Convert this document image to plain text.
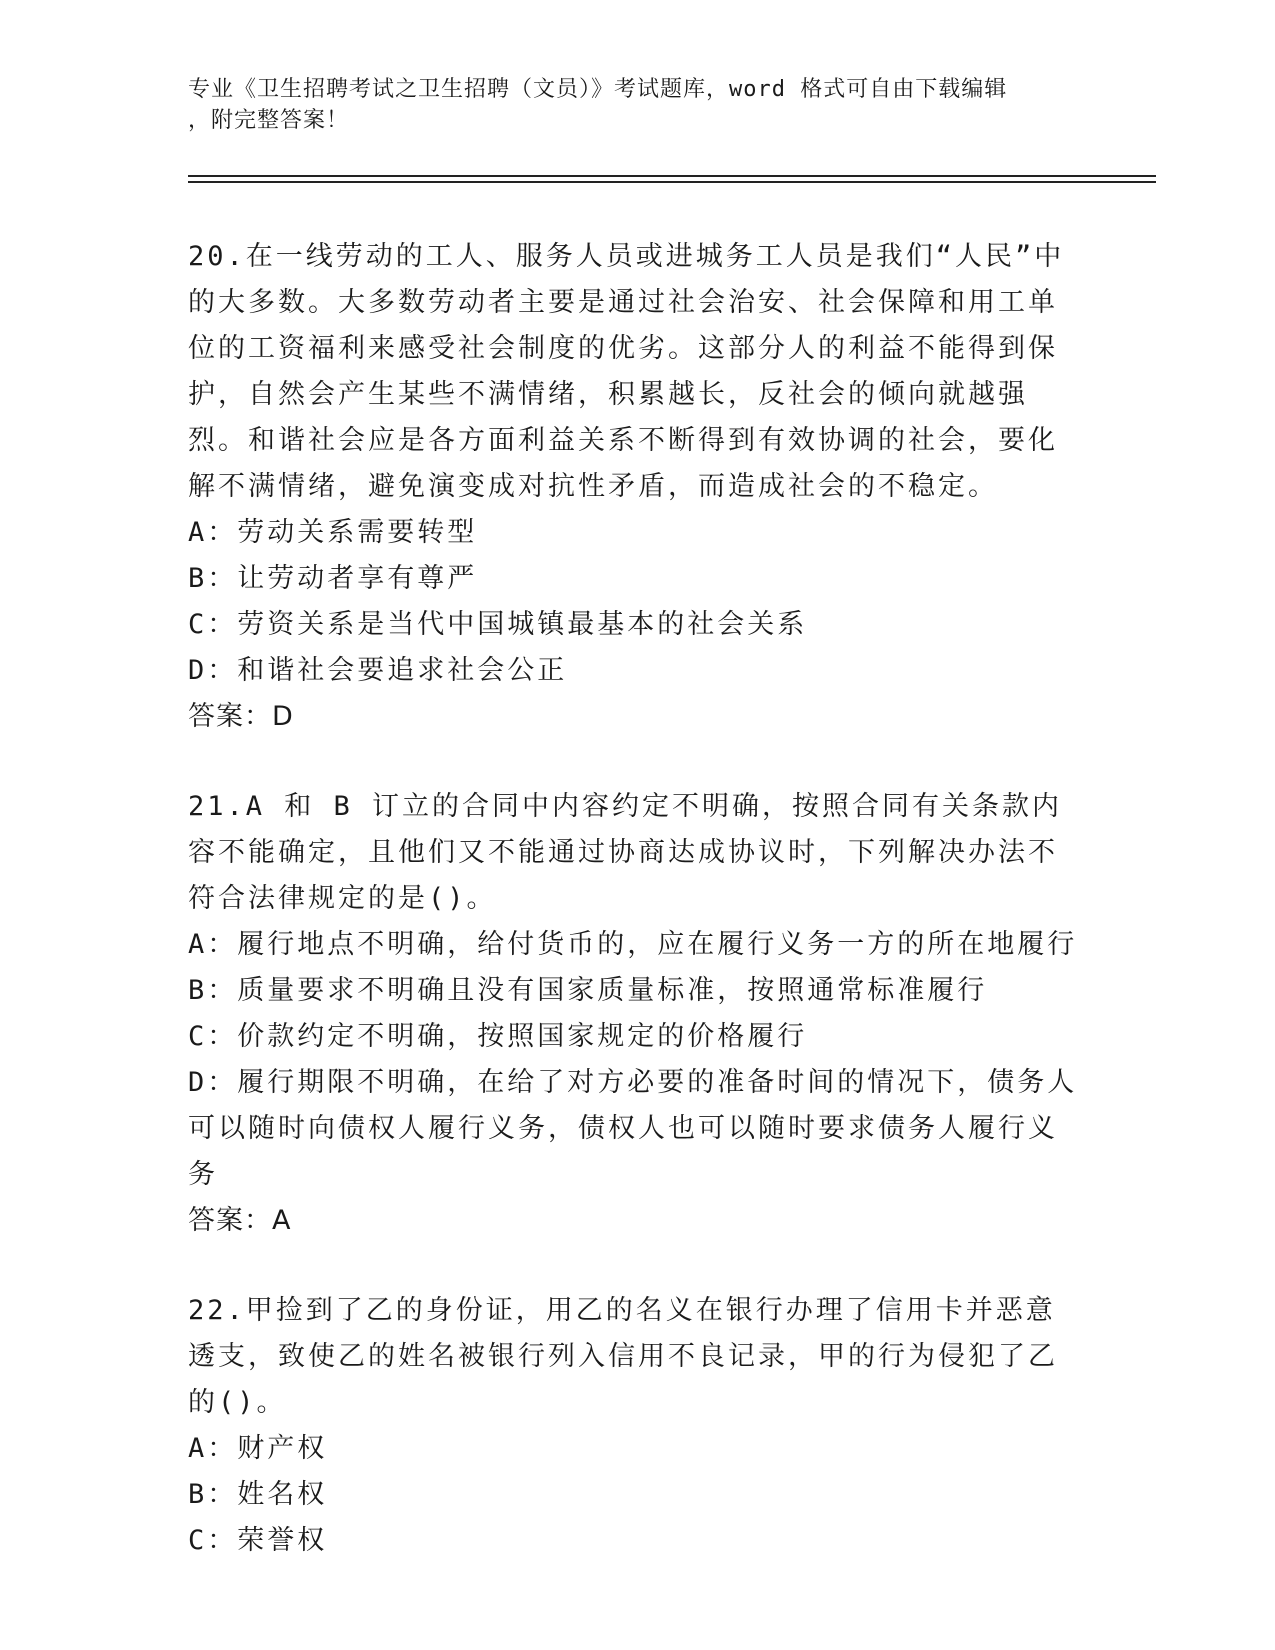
专业《卫生招聘考试之卫生招聘（文员）》考试题库，word 格式可自由下载编辑
，附完整答案！

20.在一线劳动的工人、服务人员或进城务工人员是我们“人民”中的大多数。大多数劳动者主要是通过社会治安、社会保障和用工单位的工资福利来感受社会制度的优劣。这部分人的利益不能得到保护，自然会产生某些不满情绪，积累越长，反社会的倾向就越强烈。和谐社会应是各方面利益关系不断得到有效协调的社会，要化解不满情绪，避免演变成对抗性矛盾，而造成社会的不稳定。

A：劳动关系需要转型

B：让劳动者享有尊严

C：劳资关系是当代中国城镇最基本的社会关系

D：和谐社会要追求社会公正

答案：D

21.A 和 B 订立的合同中内容约定不明确，按照合同有关条款内容不能确定，且他们又不能通过协商达成协议时，下列解决办法不符合法律规定的是()。

A：履行地点不明确，给付货币的，应在履行义务一方的所在地履行

B：质量要求不明确且没有国家质量标准，按照通常标准履行

C：价款约定不明确，按照国家规定的价格履行

D：履行期限不明确，在给了对方必要的准备时间的情况下，债务人可以随时向债权人履行义务，债权人也可以随时要求债务人履行义务

答案：A

22.甲捡到了乙的身份证，用乙的名义在银行办理了信用卡并恶意透支，致使乙的姓名被银行列入信用不良记录，甲的行为侵犯了乙的()。

A：财产权

B：姓名权

C：荣誉权
